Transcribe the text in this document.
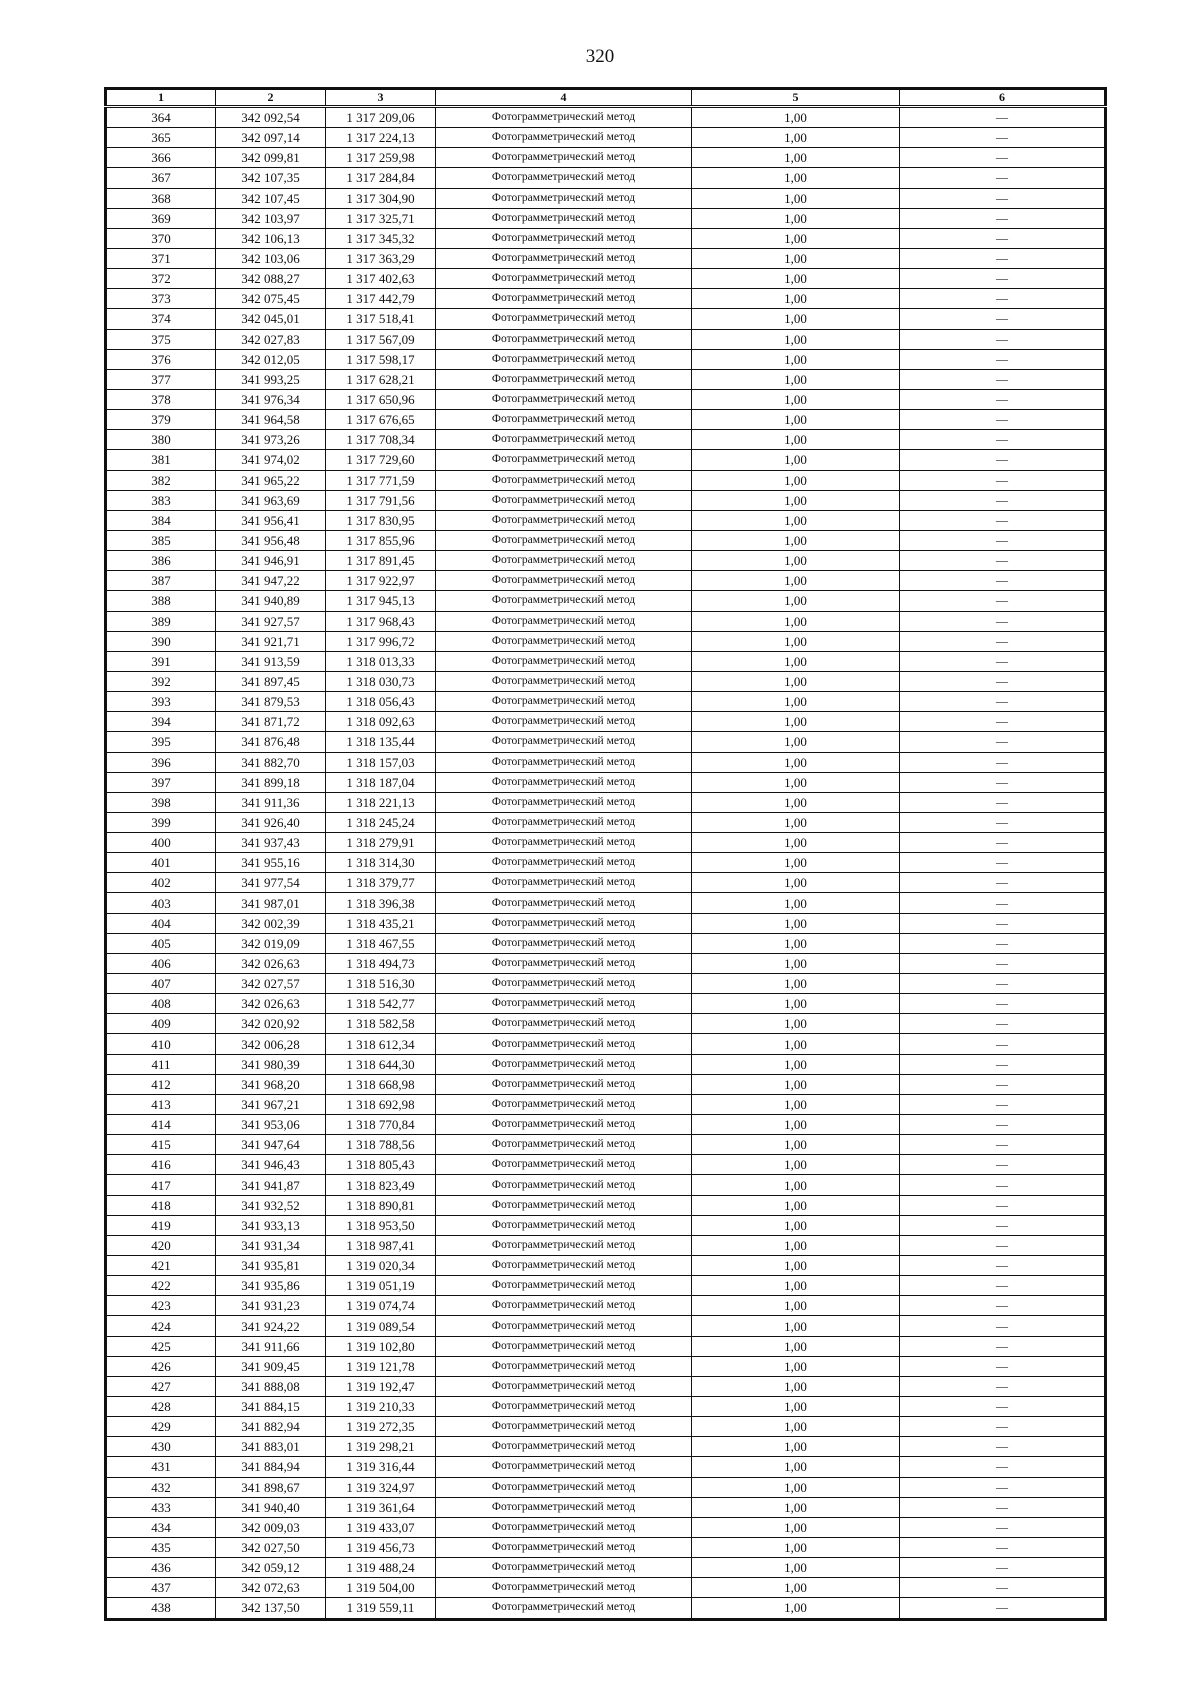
320
1	2	3	4	5	6
364	342 092,54	1 317 209,06	Фотограмметрический метод	1,00	—
365	342 097,14	1 317 224,13	Фотограмметрический метод	1,00	—
366	342 099,81	1 317 259,98	Фотограмметрический метод	1,00	—
367	342 107,35	1 317 284,84	Фотограмметрический метод	1,00	—
368	342 107,45	1 317 304,90	Фотограмметрический метод	1,00	—
369	342 103,97	1 317 325,71	Фотограмметрический метод	1,00	—
370	342 106,13	1 317 345,32	Фотограмметрический метод	1,00	—
371	342 103,06	1 317 363,29	Фотограмметрический метод	1,00	—
372	342 088,27	1 317 402,63	Фотограмметрический метод	1,00	—
373	342 075,45	1 317 442,79	Фотограмметрический метод	1,00	—
374	342 045,01	1 317 518,41	Фотограмметрический метод	1,00	—
375	342 027,83	1 317 567,09	Фотограмметрический метод	1,00	—
376	342 012,05	1 317 598,17	Фотограмметрический метод	1,00	—
377	341 993,25	1 317 628,21	Фотограмметрический метод	1,00	—
378	341 976,34	1 317 650,96	Фотограмметрический метод	1,00	—
379	341 964,58	1 317 676,65	Фотограмметрический метод	1,00	—
380	341 973,26	1 317 708,34	Фотограмметрический метод	1,00	—
381	341 974,02	1 317 729,60	Фотограмметрический метод	1,00	—
382	341 965,22	1 317 771,59	Фотограмметрический метод	1,00	—
383	341 963,69	1 317 791,56	Фотограмметрический метод	1,00	—
384	341 956,41	1 317 830,95	Фотограмметрический метод	1,00	—
385	341 956,48	1 317 855,96	Фотограмметрический метод	1,00	—
386	341 946,91	1 317 891,45	Фотограмметрический метод	1,00	—
387	341 947,22	1 317 922,97	Фотограмметрический метод	1,00	—
388	341 940,89	1 317 945,13	Фотограмметрический метод	1,00	—
389	341 927,57	1 317 968,43	Фотограмметрический метод	1,00	—
390	341 921,71	1 317 996,72	Фотограмметрический метод	1,00	—
391	341 913,59	1 318 013,33	Фотограмметрический метод	1,00	—
392	341 897,45	1 318 030,73	Фотограмметрический метод	1,00	—
393	341 879,53	1 318 056,43	Фотограмметрический метод	1,00	—
394	341 871,72	1 318 092,63	Фотограмметрический метод	1,00	—
395	341 876,48	1 318 135,44	Фотограмметрический метод	1,00	—
396	341 882,70	1 318 157,03	Фотограмметрический метод	1,00	—
397	341 899,18	1 318 187,04	Фотограмметрический метод	1,00	—
398	341 911,36	1 318 221,13	Фотограмметрический метод	1,00	—
399	341 926,40	1 318 245,24	Фотограмметрический метод	1,00	—
400	341 937,43	1 318 279,91	Фотограмметрический метод	1,00	—
401	341 955,16	1 318 314,30	Фотограмметрический метод	1,00	—
402	341 977,54	1 318 379,77	Фотограмметрический метод	1,00	—
403	341 987,01	1 318 396,38	Фотограмметрический метод	1,00	—
404	342 002,39	1 318 435,21	Фотограмметрический метод	1,00	—
405	342 019,09	1 318 467,55	Фотограмметрический метод	1,00	—
406	342 026,63	1 318 494,73	Фотограмметрический метод	1,00	—
407	342 027,57	1 318 516,30	Фотограмметрический метод	1,00	—
408	342 026,63	1 318 542,77	Фотограмметрический метод	1,00	—
409	342 020,92	1 318 582,58	Фотограмметрический метод	1,00	—
410	342 006,28	1 318 612,34	Фотограмметрический метод	1,00	—
411	341 980,39	1 318 644,30	Фотограмметрический метод	1,00	—
412	341 968,20	1 318 668,98	Фотограмметрический метод	1,00	—
413	341 967,21	1 318 692,98	Фотограмметрический метод	1,00	—
414	341 953,06	1 318 770,84	Фотограмметрический метод	1,00	—
415	341 947,64	1 318 788,56	Фотограмметрический метод	1,00	—
416	341 946,43	1 318 805,43	Фотограмметрический метод	1,00	—
417	341 941,87	1 318 823,49	Фотограмметрический метод	1,00	—
418	341 932,52	1 318 890,81	Фотограмметрический метод	1,00	—
419	341 933,13	1 318 953,50	Фотограмметрический метод	1,00	—
420	341 931,34	1 318 987,41	Фотограмметрический метод	1,00	—
421	341 935,81	1 319 020,34	Фотограмметрический метод	1,00	—
422	341 935,86	1 319 051,19	Фотограмметрический метод	1,00	—
423	341 931,23	1 319 074,74	Фотограмметрический метод	1,00	—
424	341 924,22	1 319 089,54	Фотограмметрический метод	1,00	—
425	341 911,66	1 319 102,80	Фотограмметрический метод	1,00	—
426	341 909,45	1 319 121,78	Фотограмметрический метод	1,00	—
427	341 888,08	1 319 192,47	Фотограмметрический метод	1,00	—
428	341 884,15	1 319 210,33	Фотограмметрический метод	1,00	—
429	341 882,94	1 319 272,35	Фотограмметрический метод	1,00	—
430	341 883,01	1 319 298,21	Фотограмметрический метод	1,00	—
431	341 884,94	1 319 316,44	Фотограмметрический метод	1,00	—
432	341 898,67	1 319 324,97	Фотограмметрический метод	1,00	—
433	341 940,40	1 319 361,64	Фотограмметрический метод	1,00	—
434	342 009,03	1 319 433,07	Фотограмметрический метод	1,00	—
435	342 027,50	1 319 456,73	Фотограмметрический метод	1,00	—
436	342 059,12	1 319 488,24	Фотограмметрический метод	1,00	—
437	342 072,63	1 319 504,00	Фотограмметрический метод	1,00	—
438	342 137,50	1 319 559,11	Фотограмметрический метод	1,00	—
